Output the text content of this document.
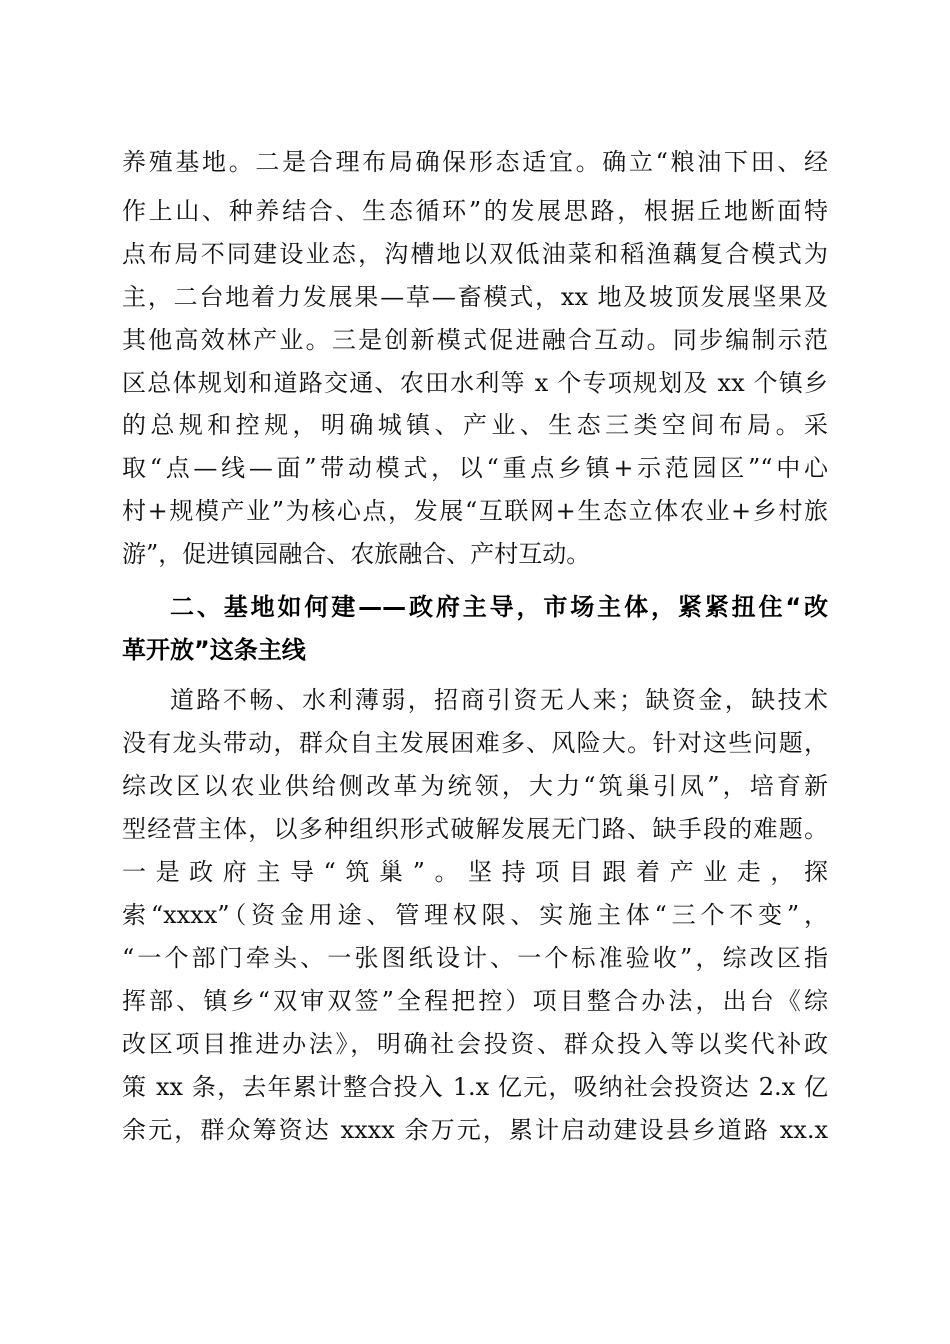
养殖基地。二是合理布局确保形态适宜。确立“粮油下田、经
作上山、种养结合、生态循环”的发展思路，根据丘地断面特
点布局不同建设业态，沟槽地以双低油菜和稻渔藕复合模式为
主，二台地着力发展果—草—畜模式，xx 地及坡顶发展坚果及
其他高效林产业。三是创新模式促进融合互动。同步编制示范
区总体规划和道路交通、农田水利等 x 个专项规划及 xx 个镇乡
的总规和控规，明确城镇、产业、生态三类空间布局。采
取“点—线—面”带动模式，以“重点乡镇+示范园区”“中心
村+规模产业”为核心点，发展“互联网+生态立体农业+乡村旅
游”，促进镇园融合、农旅融合、产村互动。
二、基地如何建——政府主导，市场主体，紧紧扭住“改
革开放”这条主线
道路不畅、水利薄弱，招商引资无人来；缺资金，缺技术
没有龙头带动，群众自主发展困难多、风险大。针对这些问题，
综改区以农业供给侧改革为统领，大力“筑巢引凤”，培育新
型经营主体，以多种组织形式破解发展无门路、缺手段的难题。
一是政府主导“筑巢”。坚持项目跟着产业走，探
索“xxxx”（资金用途、管理权限、实施主体“三个不变”，
“一个部门牵头、一张图纸设计、一个标准验收”，综改区指
挥部、镇乡“双审双签”全程把控）项目整合办法，出台《综
改区项目推进办法》，明确社会投资、群众投入等以奖代补政
策 xx 条，去年累计整合投入 1.x 亿元，吸纳社会投资达 2.x 亿
余元，群众筹资达 xxxx 余万元，累计启动建设县乡道路 xx.x
